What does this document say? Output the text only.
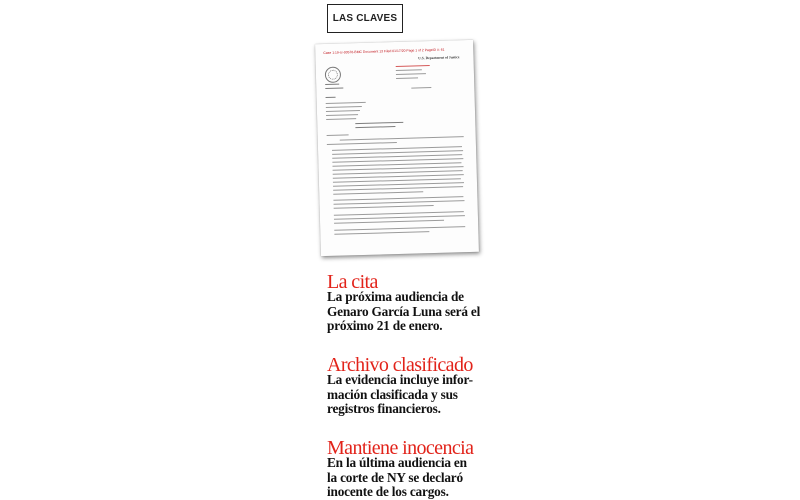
LAS CLAVES
Case 1:19-cr-00576-BMC Document 13 Filed 01/17/20 Page 1 of 2 PageID #: 61
U.S. Department of Justice
La cita
La próxima audiencia de
Genaro García Luna será el
próximo 21 de enero.
Archivo clasificado
La evidencia incluye infor-
mación clasificada y sus
registros financieros.
Mantiene inocencia
En la última audiencia en
la corte de NY se declaró
inocente de los cargos.
